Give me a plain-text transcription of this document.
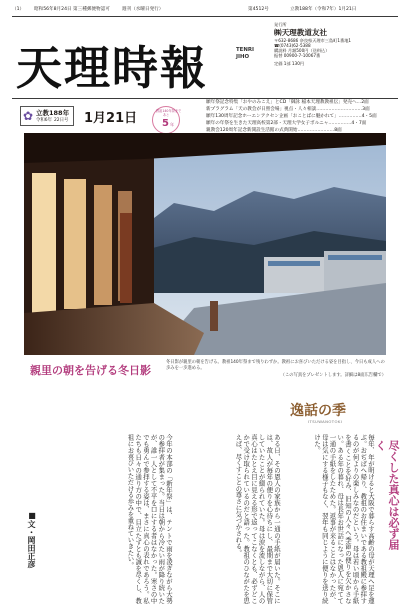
（1） 昭和56年8月24日 第三種郵便物認可	週刊（水曜日発行）	第4512号	立教188年（令和7年）1月21日
天理時報	TENRI JIHO
発行所
㈱天理教道友社
〒632-8686 奈良県天理市三島町1番地1
☎(0743)62-5388
購読料 月額500円（送料込）
振替 00900-7-10067番
定価 1部 130円
✿ 立教188年
令和6年 22日号 1月21日	教祖140年祭まで
あと
5 年
願年祭記念特集「おやのみこえ」とCD「御詠 稲本天理教教祖伝」発売へ…2面
新プラグラム「天の教会が日照会場」視点・人々相談…………………………3面
願年130周年記念ホーエンアクセン企画「おことばに魅かれて」……………4・5面
願年の年祭を生きた天理高校第2部・天理大学女子ボルニャ……………4・7面
親教会120周年記念新開設生活館の式典開始……………………8面
親里の朝を告げる冬日影
冬日影が親里の朝を告げる。教祖140年祭まで残りわずか。教祖にお喜びいただける姿を目指し、今日も成人への歩みを一歩進める。
（この写真をプレゼントします。詳細は8面広告欄で）
逸話の季
ITSUWANOTOKI
尽くした真心は必ず届く
毎年、年が明けると大阪で暮らす高齢の母が天理へ足を運ぶ。おぢばへ帰り、教祖のお住まいである教祖殿に参拝するのが何よりの楽しみなのだという。母は若い頃から手紙を書くことを好み、旧知の人々へ季節の便りを欠かさない。ある年の暮れ、母は長年お世話になった恩人に宛てて一通の手紙をしたためた。返事が来ることはなかったが、母は気にする様子もなく、翌年も同じように便りを送り続けた。
ある日、その恩人の家族から一通の手紙が届いた。そこには、故人が毎年の便りを心待ちにし、最期まで大切に保管していたことが綴られていた。母は涙を流しながら、人の真心はたとえ目に見える形で返ってこなくとも、必ずどこかで受け取られているのだと語った。教祖のひながたを思えば、尽くすことの尊さに気づかされる。
今年の本部の「新年祭」は、テントで雨を凌ぎながら大勢の参拝者が集まった。当日は朝から冷たい雨が降り続いたが、誰一人として不平を口にする者はなかった。寒さの中でも勇んで参拝する姿は、まさに真心の表れであろう。私たちも日々の通り方の中で、目立たずとも誠を尽くし、教祖にお喜びいただける歩みを重ねていきたい。
■文・岡田正彦
